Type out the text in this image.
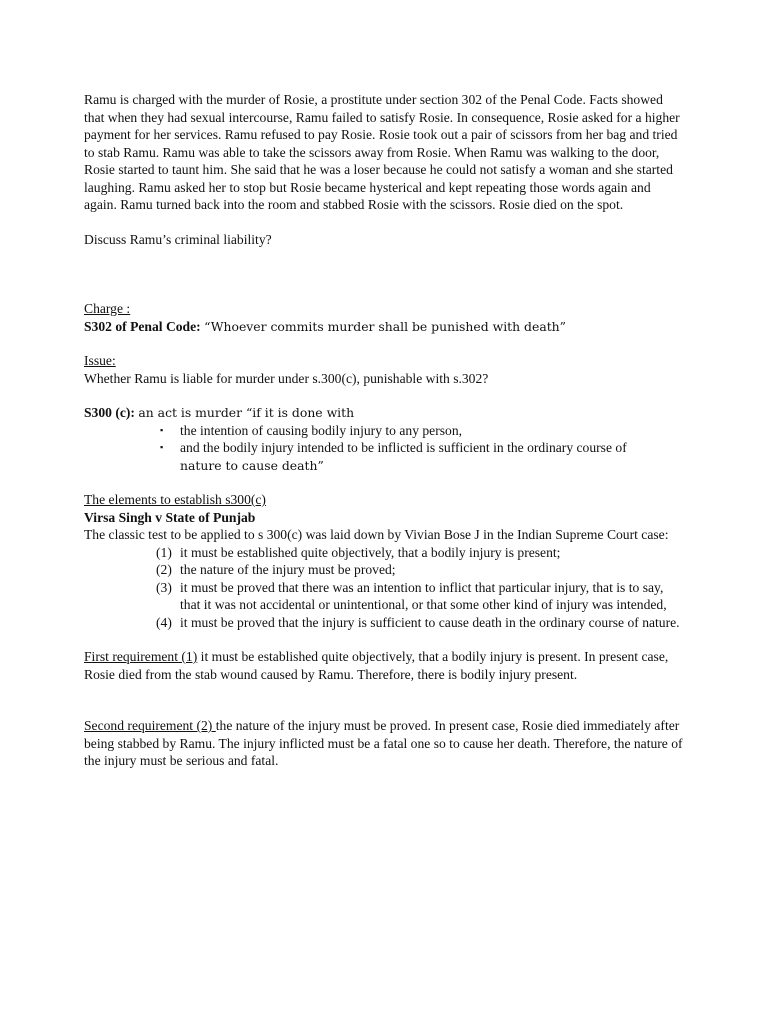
Ramu is charged with the murder of Rosie, a prostitute under section 302 of the Penal Code. Facts showed that when they had sexual intercourse, Ramu failed to satisfy Rosie. In consequence, Rosie asked for a higher payment for her services. Ramu refused to pay Rosie. Rosie took out a pair of scissors from her bag and tried to stab Ramu. Ramu was able to take the scissors away from Rosie. When Ramu was walking to the door, Rosie started to taunt him. She said that he was a loser because he could not satisfy a woman and she started laughing. Ramu asked her to stop but Rosie became hysterical and kept repeating those words again and again. Ramu turned back into the room and stabbed Rosie with the scissors. Rosie died on the spot.

Discuss Ramu’s criminal liability?

Charge :

S302 of Penal Code: “Whoever commits murder shall be punished with death”

Issue:

Whether Ramu is liable for murder under s.300(c), punishable with s.302?

S300 (c): an act is murder “if it is done with

▪ the intention of causing bodily injury to any person,
▪ and the bodily injury intended to be inflicted is sufficient in the ordinary course of
nature to cause death”

The elements to establish s300(c)

Virsa Singh v State of Punjab

The classic test to be applied to s 300(c) was laid down by Vivian Bose J in the Indian Supreme Court case:

(1) it must be established quite objectively, that a bodily injury is present;
(2) the nature of the injury must be proved;
(3) it must be proved that there was an intention to inflict that particular injury, that is to say, that it was not accidental or unintentional, or that some other kind of injury was intended,
(4) it must be proved that the injury is sufficient to cause death in the ordinary course of nature.

First requirement (1) it must be established quite objectively, that a bodily injury is present. In present case, Rosie died from the stab wound caused by Ramu. Therefore, there is bodily injury present.

Second requirement (2) the nature of the injury must be proved. In present case, Rosie died immediately after being stabbed by Ramu. The injury inflicted must be a fatal one so to cause her death. Therefore, the nature of the injury must be serious and fatal.
